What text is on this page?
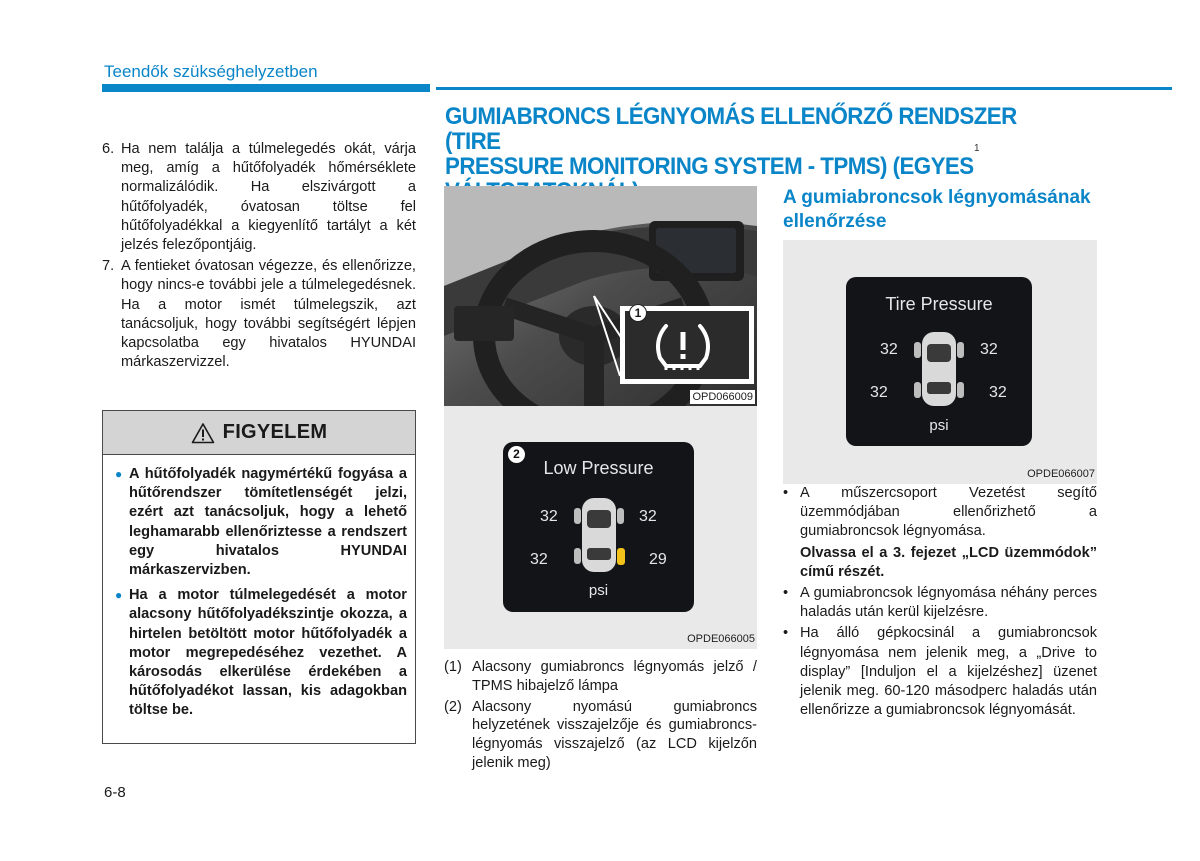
Teendők szükséghelyzetben
6. Ha nem találja a túlmelegedés okát, várja meg, amíg a hűtőfolyadék hőmérséklete normalizálódik. Ha elszivárgott a hűtőfolyadék, óvatosan töltse fel hűtőfolyadékkal a kiegyenlítő tartályt a két jelzés felezőpontjáig.
7. A fentieket óvatosan végezze, és ellenőrizze, hogy nincs-e további jele a túlmelegedésnek. Ha a motor ismét túlmelegszik, azt tanácsoljuk, hogy további segítségért lépjen kapcsolatba egy hivatalos HYUNDAI márkaszervizzel.
FIGYELEM
● A hűtőfolyadék nagymértékű fogyása a hűtőrendszer tömítetlenségét jelzi, ezért azt tanácsoljuk, hogy a lehető leghamarabb ellenőriztesse a rendszert egy hivatalos HYUNDAI márkaszervizben.
● Ha a motor túlmelegedését a motor alacsony hűtőfolyadékszintje okozza, a hirtelen betöltött motor hűtőfolyadék a motor megrepedéséhez vezethet. A károsodás elkerülése érdekében a hűtőfolyadékot lassan, kis adagokban töltse be.
GUMIABRONCS LÉGNYOMÁS ELLENŐRZŐ RENDSZER (TIRE
PRESSURE MONITORING SYSTEM - TPMS) (EGYES
1
1
OPD066009
2
Low Pressure
32	32
32	29
psi
OPDE066005
(1) Alacsony gumiabroncs légnyomás jelző / TPMS hibajelző lámpa
(2) Alacsony nyomású gumiabroncs helyzetének visszajelzője és gumiabroncs-légnyomás visszajelző (az LCD kijelzőn jelenik meg)
A gumiabroncsok légnyomásának ellenőrzése
Tire Pressure
32	32
32	32
psi
OPDE066007
• A műszercsoport Vezetést segítő üzemmódjában ellenőrizhető a gumiabroncsok légnyomása.
Olvassa el a 3. fejezet „LCD üzemmódok” című részét.
• A gumiabroncsok légnyomása néhány perces haladás után kerül kijelzésre.
• Ha álló gépkocsinál a gumiabroncsok légnyomása nem jelenik meg, a „Drive to display” [Induljon el a kijelzéshez] üzenet jelenik meg. 60-120 másodperc haladás után ellenőrizze a gumiabroncsok légnyomását.
6-8
